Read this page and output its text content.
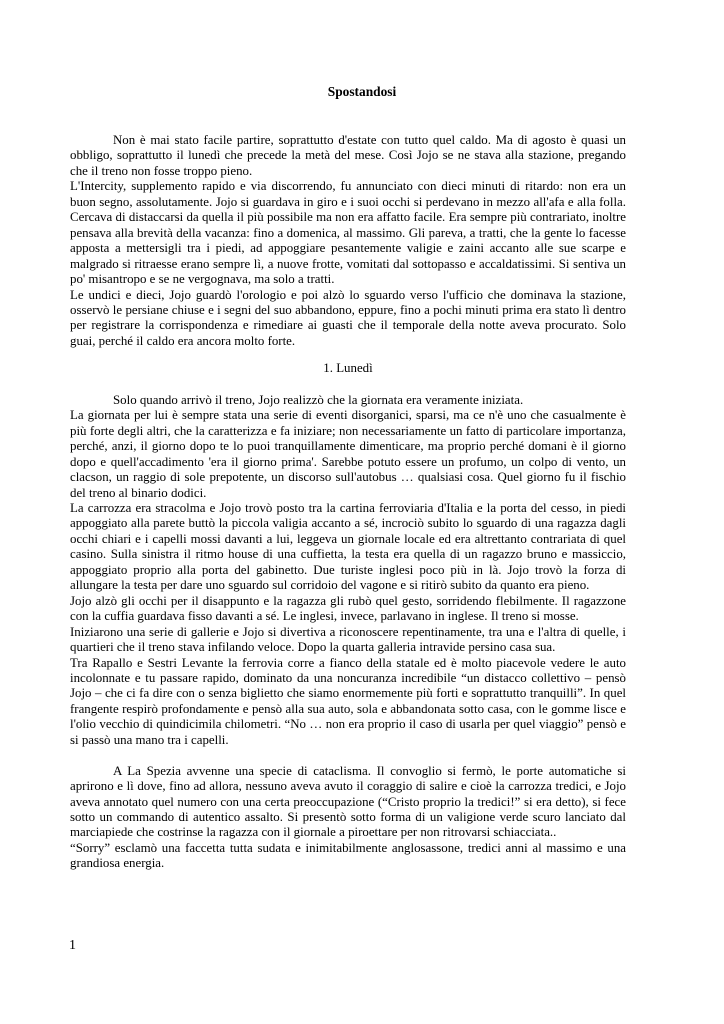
Spostandosi

Non è mai stato facile partire, soprattutto d'estate con tutto quel caldo. Ma di agosto è quasi un obbligo, soprattutto il lunedì che precede la metà del mese. Così Jojo se ne stava alla stazione, pregando che il treno non fosse troppo pieno.

L'Intercity, supplemento rapido e via discorrendo, fu annunciato con dieci minuti di ritardo: non era un buon segno, assolutamente. Jojo si guardava in giro e i suoi occhi si perdevano in mezzo all'afa e alla folla. Cercava di distaccarsi da quella il più possibile ma non era affatto facile. Era sempre più contrariato, inoltre pensava alla brevità della vacanza: fino a domenica, al massimo. Gli pareva, a tratti, che la gente lo facesse apposta a mettersigli tra i piedi, ad appoggiare pesantemente valigie e zaini accanto alle sue scarpe e malgrado si ritraesse erano sempre lì, a nuove frotte, vomitati dal sottopasso e accaldatissimi. Si sentiva un po' misantropo e se ne vergognava, ma solo a tratti.

Le undici e dieci, Jojo guardò l'orologio e poi alzò lo sguardo verso l'ufficio che dominava la stazione, osservò le persiane chiuse e i segni del suo abbandono, eppure, fino a pochi minuti prima era stato lì dentro per registrare la corrispondenza e rimediare ai guasti che il temporale della notte aveva procurato. Solo guai, perché il caldo era ancora molto forte.

1. Lunedì

Solo quando arrivò il treno, Jojo realizzò che la giornata era veramente iniziata.

La giornata per lui è sempre stata una serie di eventi disorganici, sparsi, ma ce n'è uno che casualmente è più forte degli altri, che la caratterizza e fa iniziare; non necessariamente un fatto di particolare importanza, perché, anzi, il giorno dopo te lo puoi tranquillamente dimenticare, ma proprio perché domani è il giorno dopo e quell'accadimento 'era il giorno prima'. Sarebbe potuto essere un profumo, un colpo di vento, un clacson, un raggio di sole prepotente, un discorso sull'autobus … qualsiasi cosa. Quel giorno fu il fischio del treno al binario dodici.

La carrozza era stracolma e Jojo trovò posto tra la cartina ferroviaria d'Italia e la porta del cesso, in piedi appoggiato alla parete buttò la piccola valigia accanto a sé, incrociò subito lo sguardo di una ragazza dagli occhi chiari e i capelli mossi davanti a lui, leggeva un giornale locale ed era altrettanto contrariata di quel casino. Sulla sinistra il ritmo house di una cuffietta, la testa era quella di un ragazzo bruno e massiccio, appoggiato proprio alla porta del gabinetto. Due turiste inglesi poco più in là. Jojo trovò la forza di allungare la testa per dare uno sguardo sul corridoio del vagone e si ritirò subito da quanto era pieno.

Jojo alzò gli occhi per il disappunto e la ragazza gli rubò quel gesto, sorridendo flebilmente. Il ragazzone con la cuffia guardava fisso davanti a sé. Le inglesi, invece, parlavano in inglese. Il treno si mosse.

Iniziarono una serie di gallerie e Jojo si divertiva a riconoscere repentinamente, tra una e l'altra di quelle, i quartieri che il treno stava infilando veloce. Dopo la quarta galleria intravide persino casa sua.

Tra Rapallo e Sestri Levante la ferrovia corre a fianco della statale ed è molto piacevole vedere le auto incolonnate e tu passare rapido, dominato da una noncuranza incredibile “un distacco collettivo – pensò Jojo – che ci fa dire con o senza biglietto che siamo enormemente più forti e soprattutto tranquilli”. In quel frangente respirò profondamente e pensò alla sua auto, sola e abbandonata sotto casa, con le gomme lisce e l'olio vecchio di quindicimila chilometri. “No … non era proprio il caso di usarla per quel viaggio” pensò e si passò una mano tra i capelli.

A La Spezia avvenne una specie di cataclisma. Il convoglio si fermò, le porte automatiche si aprirono e lì dove, fino ad allora, nessuno aveva avuto il coraggio di salire e cioè la carrozza tredici, e Jojo aveva annotato quel numero con una certa preoccupazione (“Cristo proprio la tredici!” si era detto), si fece sotto un commando di autentico assalto. Si presentò sotto forma di un valigione verde scuro lanciato dal marciapiede che costrinse la ragazza con il giornale a piroettare per non ritrovarsi schiacciata..

“Sorry” esclamò una faccetta tutta sudata e inimitabilmente anglosassone, tredici anni al massimo e una grandiosa energia.

1
